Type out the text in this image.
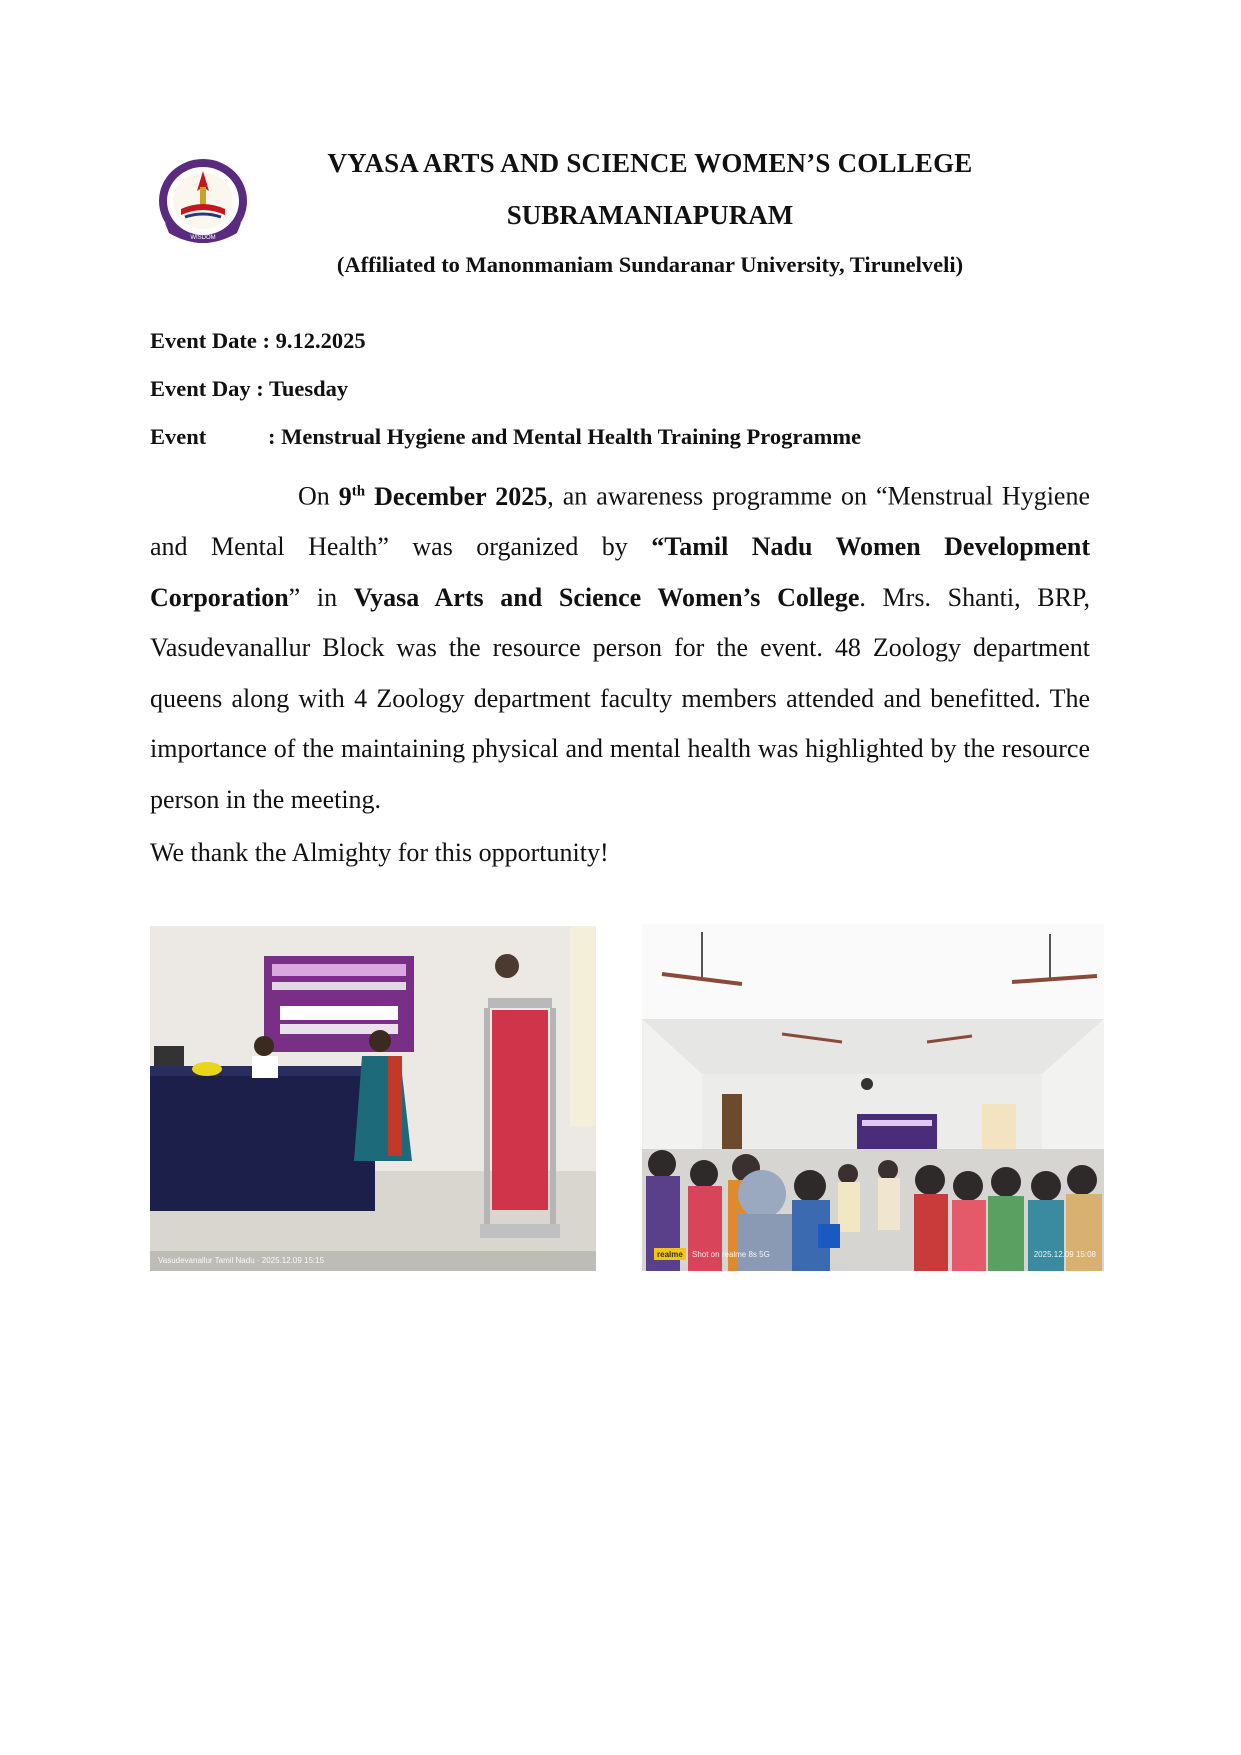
WISDOM
VYASA ARTS AND SCIENCE WOMEN’S COLLEGE
SUBRAMANIAPURAM
(Affiliated to Manonmaniam Sundaranar University, Tirunelveli)
Event Date : 9.12.2025
Event Day : Tuesday
Event	: Menstrual Hygiene and Mental Health Training Programme
On 9th December 2025, an awareness programme on “Menstrual Hygiene and Mental Health” was organized by “Tamil Nadu Women Development Corporation” in Vyasa Arts and Science Women’s College. Mrs. Shanti, BRP, Vasudevanallur Block was the resource person for the event. 48 Zoology department queens along with 4 Zoology department faculty members attended and benefitted. The importance of the maintaining physical and mental health was highlighted by the resource person in the meeting.
We thank the Almighty for this opportunity!
Vasudevanallur Tamil Nadu · 2025.12.09 15:15
realme Shot on realme 8s 5G	2025.12.09 15:08
